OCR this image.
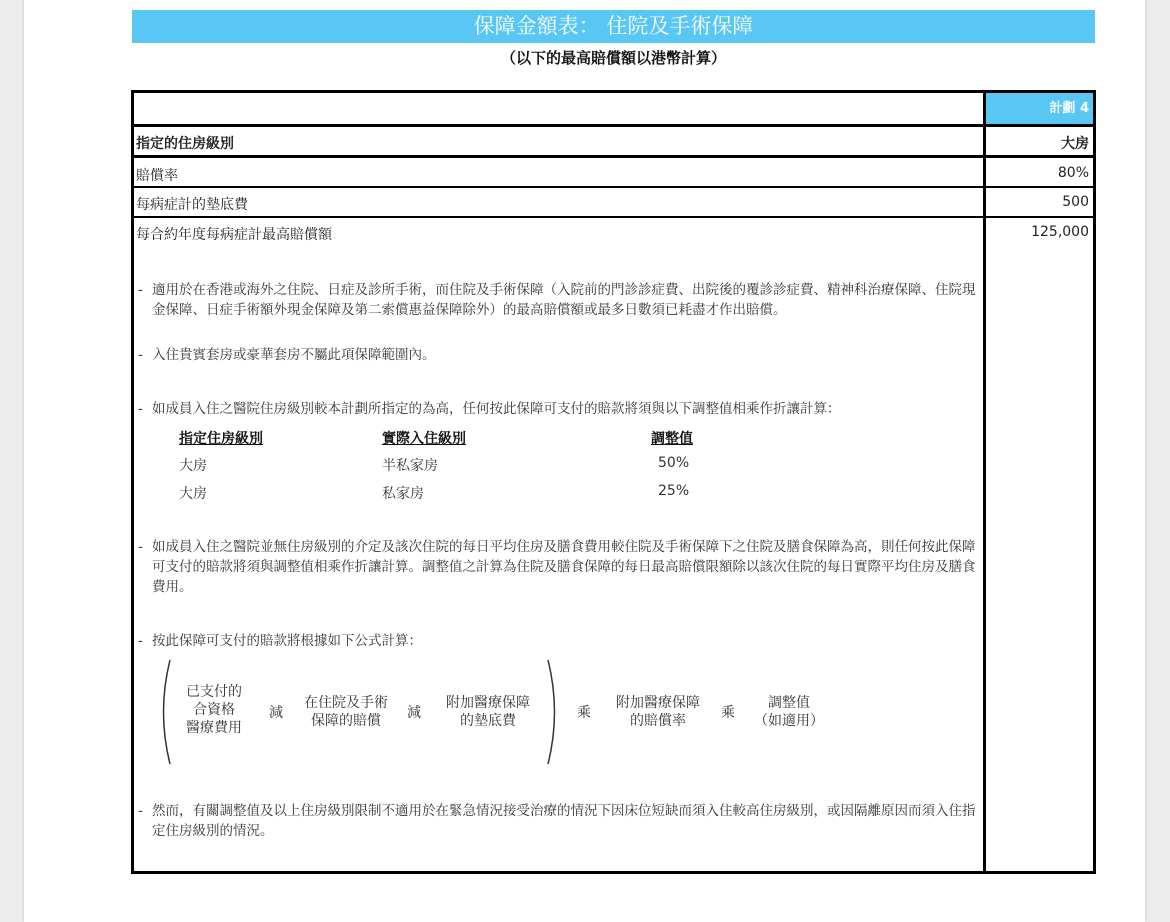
保障金額表： 住院及手術保障
（以下的最高賠償額以港幣計算）
計劃 4
指定的住房級別	大房
賠償率	80%
每病症計的墊底費	500
每合約年度每病症計最高賠償額	125,000
- 適用於在香港或海外之住院、日症及診所手術，而住院及手術保障（入院前的門診診症費、出院後的覆診診症費、精神科治療保障、住院現金保障、日症手術額外現金保障及第二索償惠益保障除外）的最高賠償額或最多日數須已耗盡才作出賠償。
- 入住貴賓套房或豪華套房不屬此項保障範圍內。
- 如成員入住之醫院住房級別較本計劃所指定的為高，任何按此保障可支付的賠款將須與以下調整值相乘作折讓計算：
指定住房級別	實際入住級別	調整值
大房	半私家房	50%
大房	私家房	25%
- 如成員入住之醫院並無住房級別的介定及該次住院的每日平均住房及膳食費用較住院及手術保障下之住院及膳食保障為高，則任何按此保障可支付的賠款將須與調整值相乘作折讓計算。調整值之計算為住院及膳食保障的每日最高賠償限額除以該次住院的每日實際平均住房及膳食費用。
- 按此保障可支付的賠款將根據如下公式計算：
已支付的
合資格
醫療費用
減
在住院及手術
保障的賠償	減
附加醫療保障
的墊底費	乘
附加醫療保障
的賠償率	乘
調整值
（如適用）
- 然而，有關調整值及以上住房級別限制不適用於在緊急情況接受治療的情況下因床位短缺而須入住較高住房級別，或因隔離原因而須入住指定住房級別的情況。
